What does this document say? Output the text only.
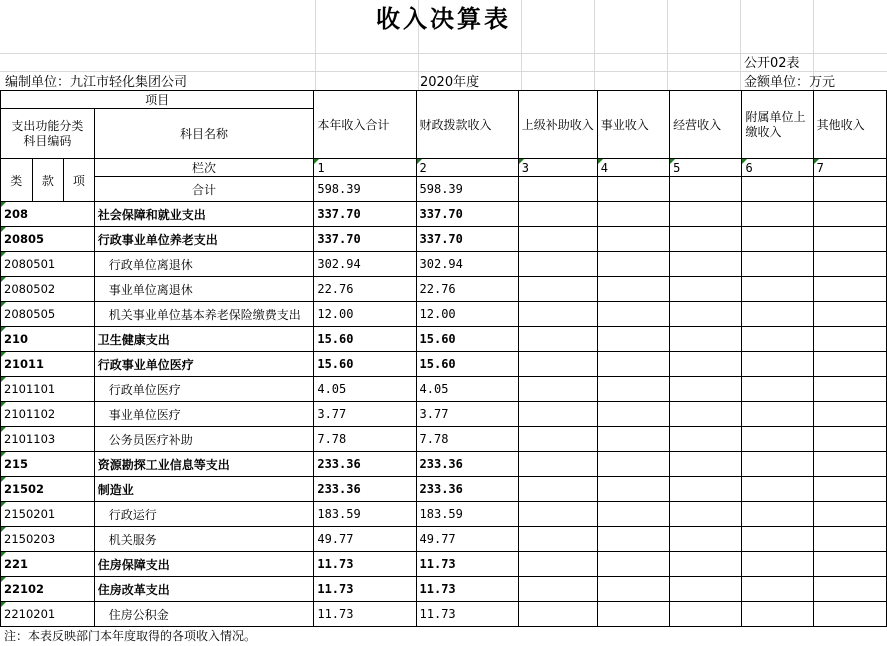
收入决算表
编制单位：九江市轻化集团公司	2020年度
公开02表
金额单位：万元
项目				本年收入合计	财政拨款收入	上级补助收入	事业收入	经营收入	附属单位上缴收入	其他收入
支出功能分类科目编码			科目名称							
类	款	项	栏次	1	2	3	4	5	6	7
			合计	598.39	598.39					
208			社会保障和就业支出	337.70	337.70					
20805			行政事业单位养老支出	337.70	337.70					
2080501			行政单位离退休	302.94	302.94					
2080502			事业单位离退休	22.76	22.76					
2080505			机关事业单位基本养老保险缴费支出	12.00	12.00					
210			卫生健康支出	15.60	15.60					
21011			行政事业单位医疗	15.60	15.60					
2101101			行政单位医疗	4.05	4.05					
2101102			事业单位医疗	3.77	3.77					
2101103			公务员医疗补助	7.78	7.78					
215			资源勘探工业信息等支出	233.36	233.36					
21502			制造业	233.36	233.36					
2150201			行政运行	183.59	183.59					
2150203			机关服务	49.77	49.77					
221			住房保障支出	11.73	11.73					
22102			住房改革支出	11.73	11.73					
2210201			住房公积金	11.73	11.73					
注：本表反映部门本年度取得的各项收入情况。
